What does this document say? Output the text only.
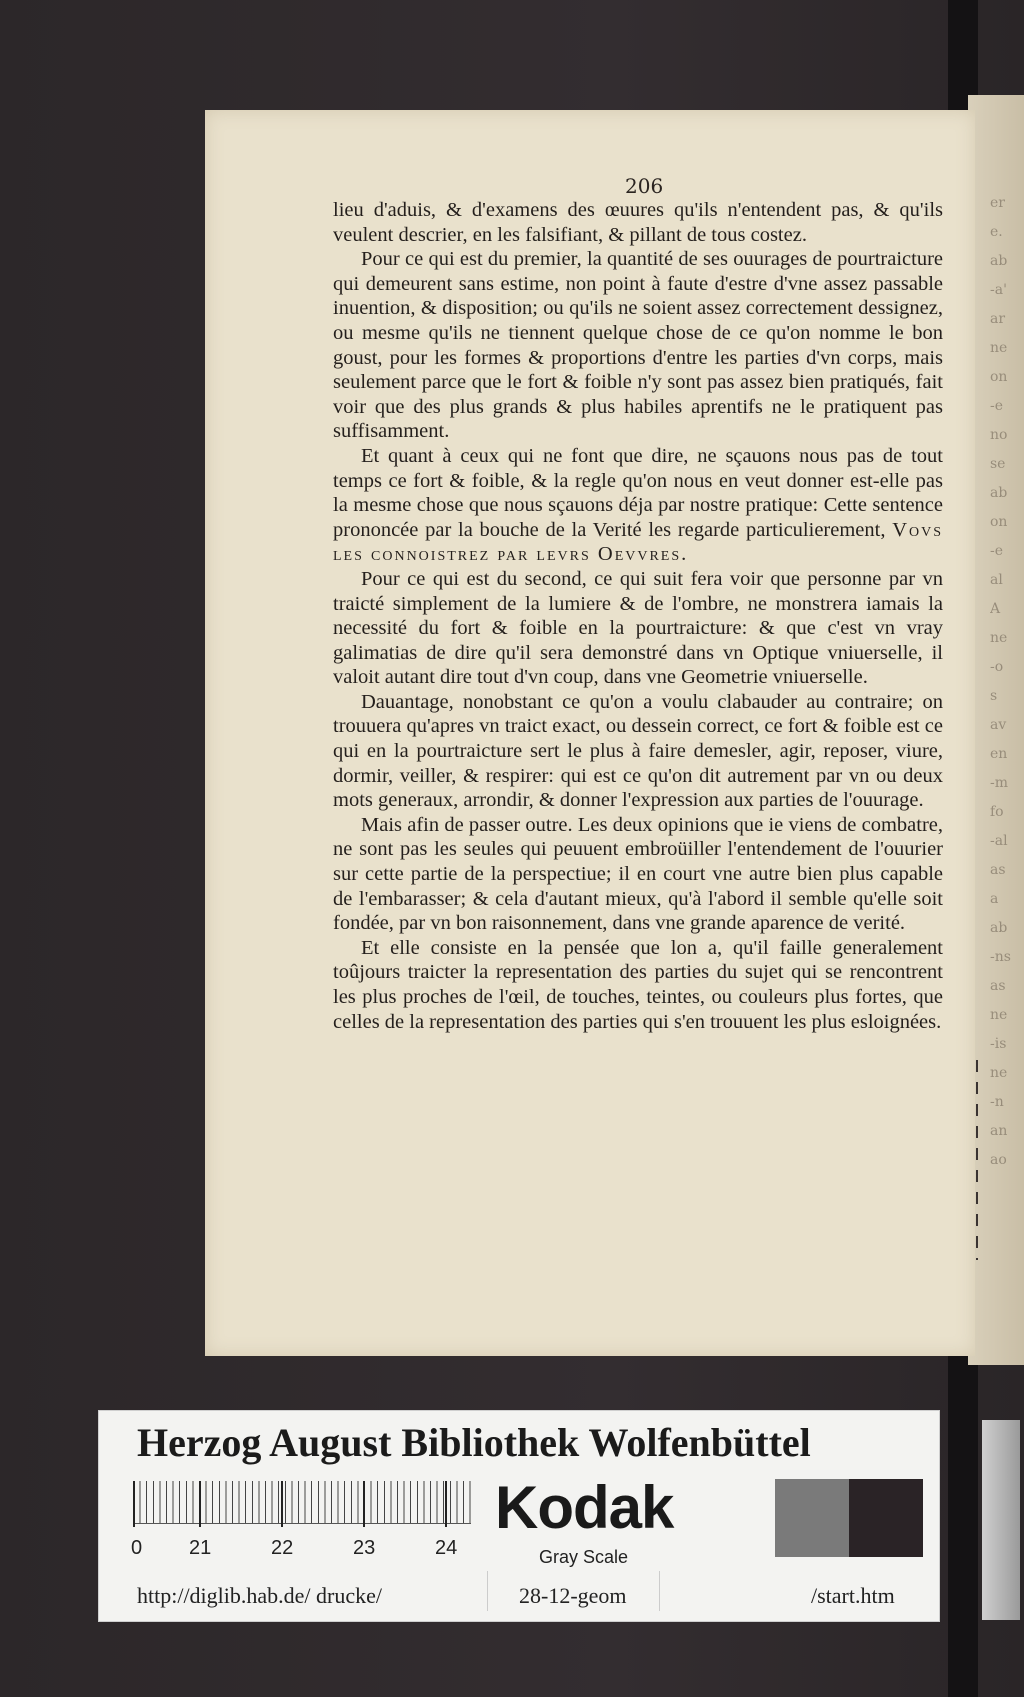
er
e.
ab
-a'
ar
ne
on
-e
no
se
ab
on
-e
al
A
ne
-o
s
av
en
-m
fo
-al
as
a
ab
-ns
as
ne
-is
ne
-n
an
ao
206

lieu d'aduis, & d'examens des œuures qu'ils n'entendent pas, & qu'ils veulent descrier, en les falsifiant, & pillant de tous costez.

Pour ce qui est du premier, la quantité de ses ouurages de pourtraicture qui demeurent sans estime, non point à faute d'estre d'vne assez passable inuention, & disposition; ou qu'ils ne soient assez correctement dessignez, ou mesme qu'ils ne tiennent quelque chose de ce qu'on nomme le bon goust, pour les formes & proportions d'entre les parties d'vn corps, mais seulement parce que le fort & foible n'y sont pas assez bien pratiqués, fait voir que des plus grands & plus habiles aprentifs ne le pratiquent pas suffisamment.

Et quant à ceux qui ne font que dire, ne sçauons nous pas de tout temps ce fort & foible, & la regle qu'on nous en veut donner est-elle pas la mesme chose que nous sçauons déja par nostre pratique: Cette sentence prononcée par la bouche de la Verité les regarde particulierement, Vovs les connoistrez par levrs Oevvres.

Pour ce qui est du second, ce qui suit fera voir que personne par vn traicté simplement de la lumiere & de l'ombre, ne monstrera iamais la necessité du fort & foible en la pourtraicture: & que c'est vn vray galimatias de dire qu'il sera demonstré dans vn Optique vniuerselle, il valoit autant dire tout d'vn coup, dans vne Geometrie vniuerselle.

Dauantage, nonobstant ce qu'on a voulu clabauder au contraire; on trouuera qu'apres vn traict exact, ou dessein correct, ce fort & foible est ce qui en la pourtraicture sert le plus à faire demesler, agir, reposer, viure, dormir, veiller, & respirer: qui est ce qu'on dit autrement par vn ou deux mots generaux, arrondir, & donner l'expression aux parties de l'ouurage.

Mais afin de passer outre. Les deux opinions que ie viens de combatre, ne sont pas les seules qui peuuent embroüiller l'entendement de l'ouurier sur cette partie de la perspectiue; il en court vne autre bien plus capable de l'embarasser; & cela d'autant mieux, qu'à l'abord il semble qu'elle soit fondée, par vn bon raisonnement, dans vne grande aparence de verité.

Et elle consiste en la pensée que lon a, qu'il faille generalement toûjours traicter la representation des parties du sujet qui se rencontrent les plus proches de l'œil, de touches, teintes, ou couleurs plus fortes, que celles de la representation des parties qui s'en trouuent les plus esloignées.

Herzog August Bibliothek Wolfenbüttel
0 21	22	23	24
Kodak
Gray Scale
http://diglib.hab.de/ drucke/	28-12-geom	/start.htm
